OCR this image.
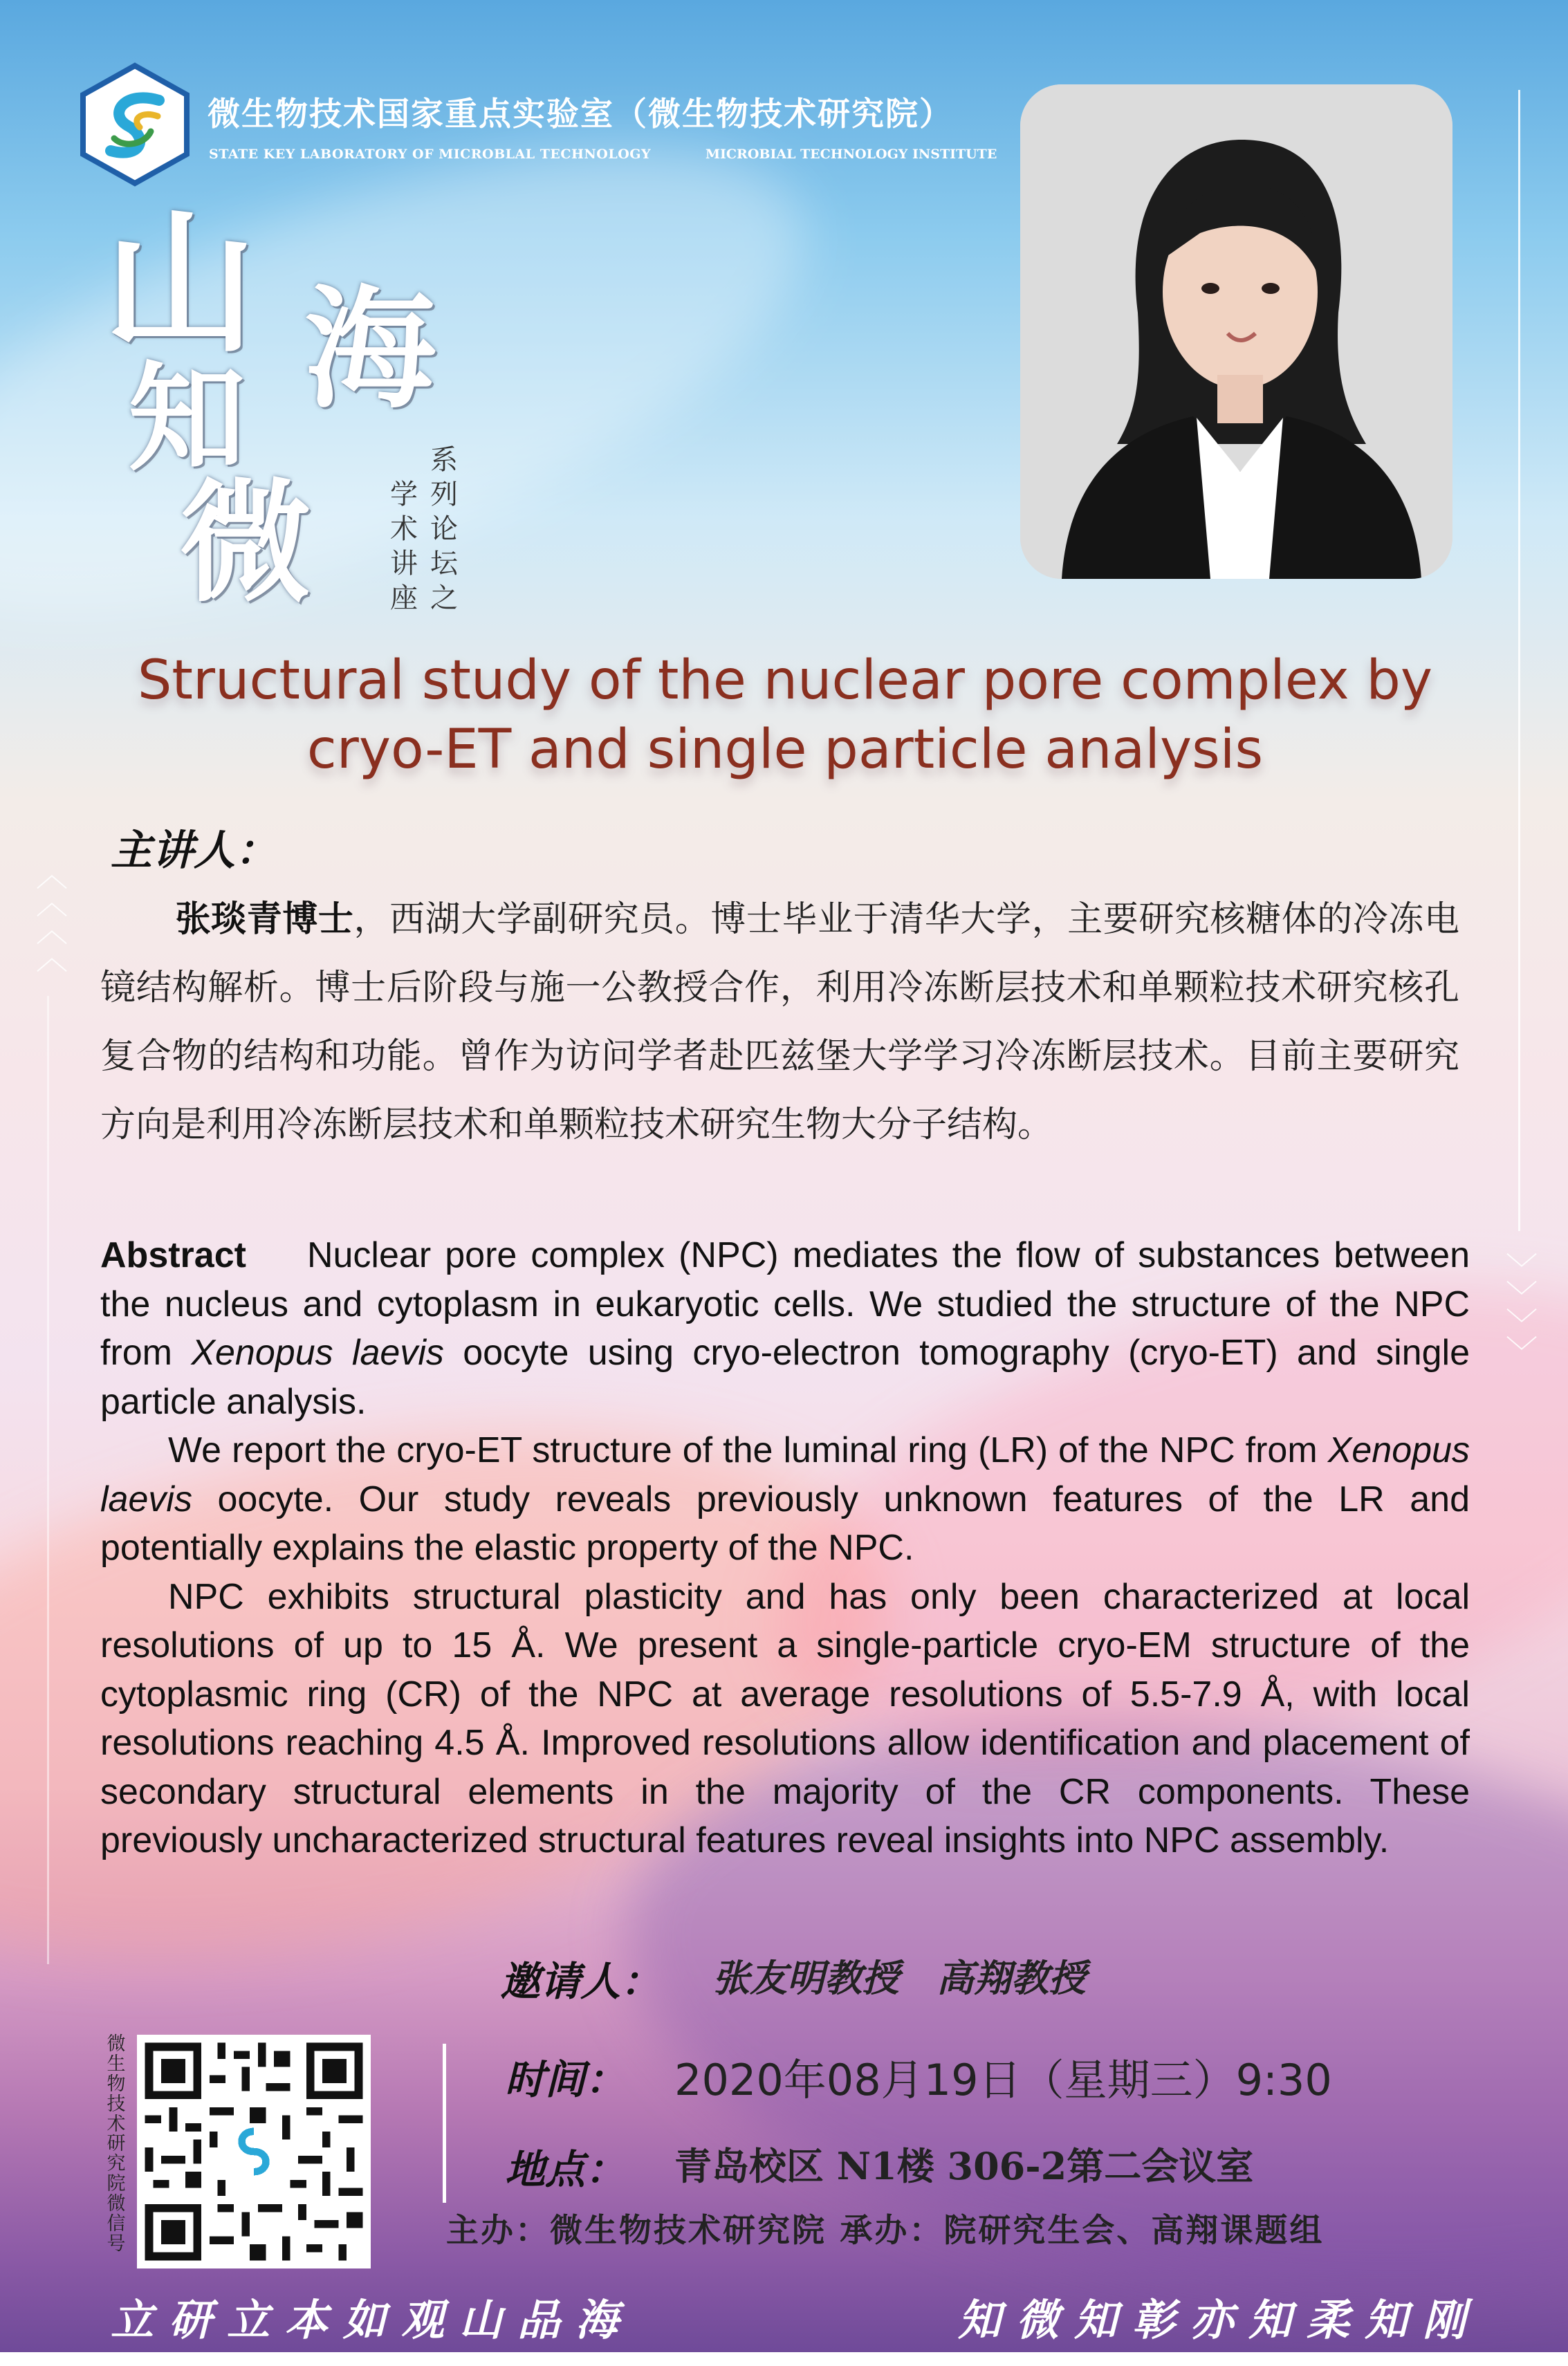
微生物技术国家重点实验室（微生物技术研究院）
STATE KEY LABORATORY OF MICROBLAL TECHNOLOGY	MICROBIAL TECHNOLOGY INSTITUTE
山 海
知
微
系
列
论
坛
之
学
术
讲
座
Structural study of the nuclear pore complex by
cryo-ET and single particle analysis
主讲人：
张琰青博士，西湖大学副研究员。博士毕业于清华大学，主要研究核糖体的冷冻电镜结构解析。博士后阶段与施一公教授合作，利用冷冻断层技术和单颗粒技术研究核孔复合物的结构和功能。曾作为访问学者赴匹兹堡大学学习冷冻断层技术。目前主要研究方向是利用冷冻断层技术和单颗粒技术研究生物大分子结构。

Abstract Nuclear pore complex (NPC) mediates the flow of substances between the nucleus and cytoplasm in eukaryotic cells. We studied the structure of the NPC from Xenopus laevis oocyte using cryo-electron tomography (cryo-ET) and single particle analysis.

We report the cryo-ET structure of the luminal ring (LR) of the NPC from Xenopus laevis oocyte. Our study reveals previously unknown features of the LR and potentially explains the elastic property of the NPC.

NPC exhibits structural plasticity and has only been characterized at local resolutions of up to 15 Å. We present a single-particle cryo-EM structure of the cytoplasmic ring (CR) of the NPC at average resolutions of 5.5-7.9 Å, with local resolutions reaching 4.5 Å. Improved resolutions allow identification and placement of secondary structural elements in the majority of the CR components. These previously uncharacterized structural features reveal insights into NPC assembly.

邀请人： 张友明教授　高翔教授
时间： 2020年08月19日（星期三）9:30
地点： 青岛校区 N1楼 306-2第二会议室
主办：微生物技术研究院 承办：院研究生会、高翔课题组
微生物技术研究院微信号
立研立本如观山品海	知微知彰亦知柔知刚
︿
︿
︿
︿
﹀
﹀
﹀
﹀
